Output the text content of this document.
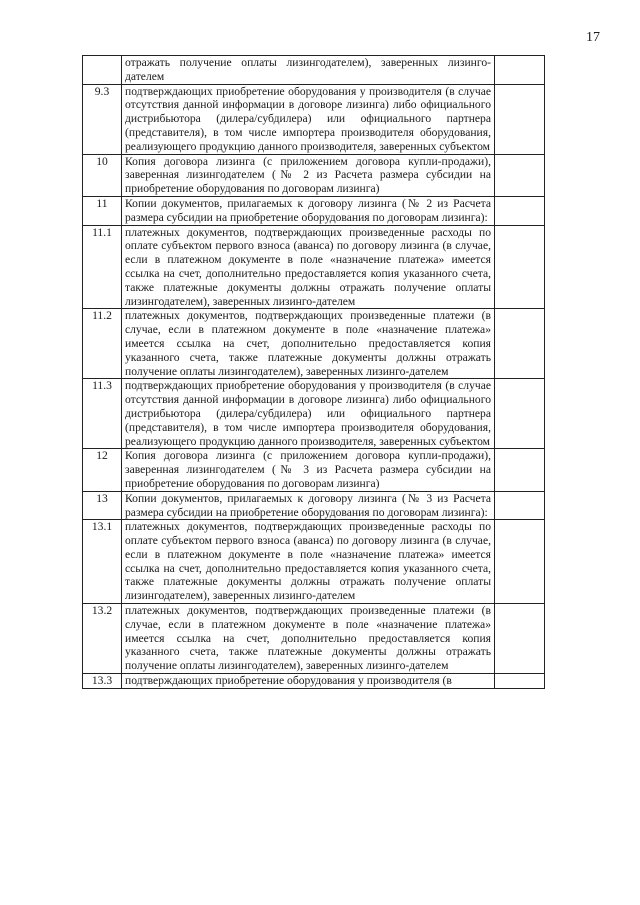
17
	отражать получение оплаты лизингодателем), заверенных лизинго-дателем	
9.3	подтверждающих приобретение оборудования у производителя (в случае отсутствия данной информации в договоре лизинга) либо официального дистрибьютора (дилера/субдилера) или официального партнера (представителя), в том числе импортера производителя оборудования, реализующего продукцию данного производителя, заверенных субъектом	
10	Копия договора лизинга (с приложением договора купли-продажи), заверенная лизингодателем (№ 2 из Расчета размера субсидии на приобретение оборудования по договорам лизинга)	
11	Копии документов, прилагаемых к договору лизинга (№ 2 из Расчета размера субсидии на приобретение оборудования по договорам лизинга):	
11.1	платежных документов, подтверждающих произведенные расходы по оплате субъектом первого взноса (аванса) по договору лизинга (в случае, если в платежном документе в поле «назначение платежа» имеется ссылка на счет, дополнительно предоставляется копия указанного счета, также платежные документы должны отражать получение оплаты лизингодателем), заверенных лизинго-дателем	
11.2	платежных документов, подтверждающих произведенные платежи (в случае, если в платежном документе в поле «назначение платежа» имеется ссылка на счет, дополнительно предоставляется копия указанного счета, также платежные документы должны отражать получение оплаты лизингодателем), заверенных лизинго-дателем	
11.3	подтверждающих приобретение оборудования у производителя (в случае отсутствия данной информации в договоре лизинга) либо официального дистрибьютора (дилера/субдилера) или официального партнера (представителя), в том числе импортера производителя оборудования, реализующего продукцию данного производителя, заверенных субъектом	
12	Копия договора лизинга (с приложением договора купли-продажи), заверенная лизингодателем (№ 3 из Расчета размера субсидии на приобретение оборудования по договорам лизинга)	
13	Копии документов, прилагаемых к договору лизинга (№ 3 из Расчета размера субсидии на приобретение оборудования по договорам лизинга):	
13.1	платежных документов, подтверждающих произведенные расходы по оплате субъектом первого взноса (аванса) по договору лизинга (в случае, если в платежном документе в поле «назначение платежа» имеется ссылка на счет, дополнительно предоставляется копия указанного счета, также платежные документы должны отражать получение оплаты лизингодателем), заверенных лизинго-дателем	
13.2	платежных документов, подтверждающих произведенные платежи (в случае, если в платежном документе в поле «назначение платежа» имеется ссылка на счет, дополнительно предоставляется копия указанного счета, также платежные документы должны отражать получение оплаты лизингодателем), заверенных лизинго-дателем	
13.3	подтверждающих приобретение оборудования у производителя (в	
